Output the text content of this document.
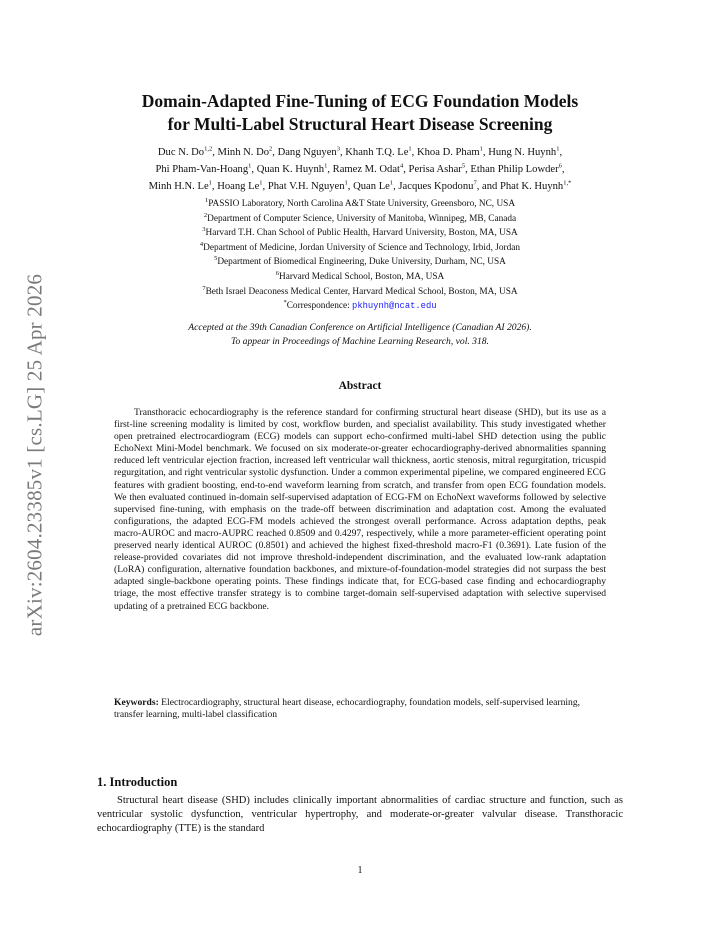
arXiv:2604.23385v1 [cs.LG] 25 Apr 2026
Domain-Adapted Fine-Tuning of ECG Foundation Models
for Multi-Label Structural Heart Disease Screening
Duc N. Do$^{1,2}$, Minh N. Do$^2$, Dang Nguyen$^3$, Khanh T.Q. Le$^1$, Khoa D. Pham$^1$, Hung N. Huynh$^1$,
Phi Pham-Van-Hoang$^1$, Quan K. Huynh$^1$, Ramez M. Odat$^4$, Perisa Ashar$^5$, Ethan Philip Lowder$^6$,
Minh H.N. Le$^1$, Hoang Le$^1$, Phat V.H. Nguyen$^1$, Quan Le$^1$, Jacques Kpodonu$^7$, and Phat K. Huynh$^{1,*}$
$^1$PASSIO Laboratory, North Carolina A&T State University, Greensboro, NC, USA
$^2$Department of Computer Science, University of Manitoba, Winnipeg, MB, Canada
$^3$Harvard T.H. Chan School of Public Health, Harvard University, Boston, MA, USA
$^4$Department of Medicine, Jordan University of Science and Technology, Irbid, Jordan
$^5$Department of Biomedical Engineering, Duke University, Durham, NC, USA
$^6$Harvard Medical School, Boston, MA, USA
$^7$Beth Israel Deaconess Medical Center, Harvard Medical School, Boston, MA, USA
*Correspondence: pkhuynh@ncat.edu
Accepted at the 39th Canadian Conference on Artificial Intelligence (Canadian AI 2026).
To appear in Proceedings of Machine Learning Research, vol. 318.
Abstract
Transthoracic echocardiography is the reference standard for confirming structural heart disease (SHD), but its use as a first-line screening modality is limited by cost, workflow burden, and specialist availability. This study investigated whether open pretrained electrocardiogram (ECG) models can support echo-confirmed multi-label SHD detection using the public EchoNext Mini-Model benchmark. We focused on six moderate-or-greater echocardiography-derived abnormalities spanning reduced left ventricular ejection fraction, increased left ventricular wall thickness, aortic stenosis, mitral regurgitation, tricuspid regurgitation, and right ventricular systolic dysfunction. Under a common experimental pipeline, we compared engineered ECG features with gradient boosting, end-to-end waveform learning from scratch, and transfer from open ECG foundation models. We then evaluated continued in-domain self-supervised adaptation of ECG-FM on EchoNext waveforms followed by selective supervised fine-tuning, with emphasis on the trade-off between discrimination and adaptation cost. Among the evaluated configurations, the adapted ECG-FM models achieved the strongest overall performance. Across adaptation depths, peak macro-AUROC and macro-AUPRC reached 0.8509 and 0.4297, respectively, while a more parameter-efficient operating point preserved nearly identical AUROC (0.8501) and achieved the highest fixed-threshold macro-F1 (0.3691). Late fusion of the release-provided covariates did not improve threshold-independent discrimination, and the evaluated low-rank adaptation (LoRA) configuration, alternative foundation backbones, and mixture-of-foundation-model strategies did not surpass the best adapted single-backbone operating points. These findings indicate that, for ECG-based case finding and echocardiography triage, the most effective transfer strategy is to combine target-domain self-supervised adaptation with selective supervised updating of a pretrained ECG backbone.
Keywords: Electrocardiography, structural heart disease, echocardiography, foundation models, self-supervised learning, transfer learning, multi-label classification
1. Introduction
Structural heart disease (SHD) includes clinically important abnormalities of cardiac structure and function, such as ventricular systolic dysfunction, ventricular hypertrophy, and moderate-or-greater valvular disease. Transthoracic echocardiography (TTE) is the standard
1
